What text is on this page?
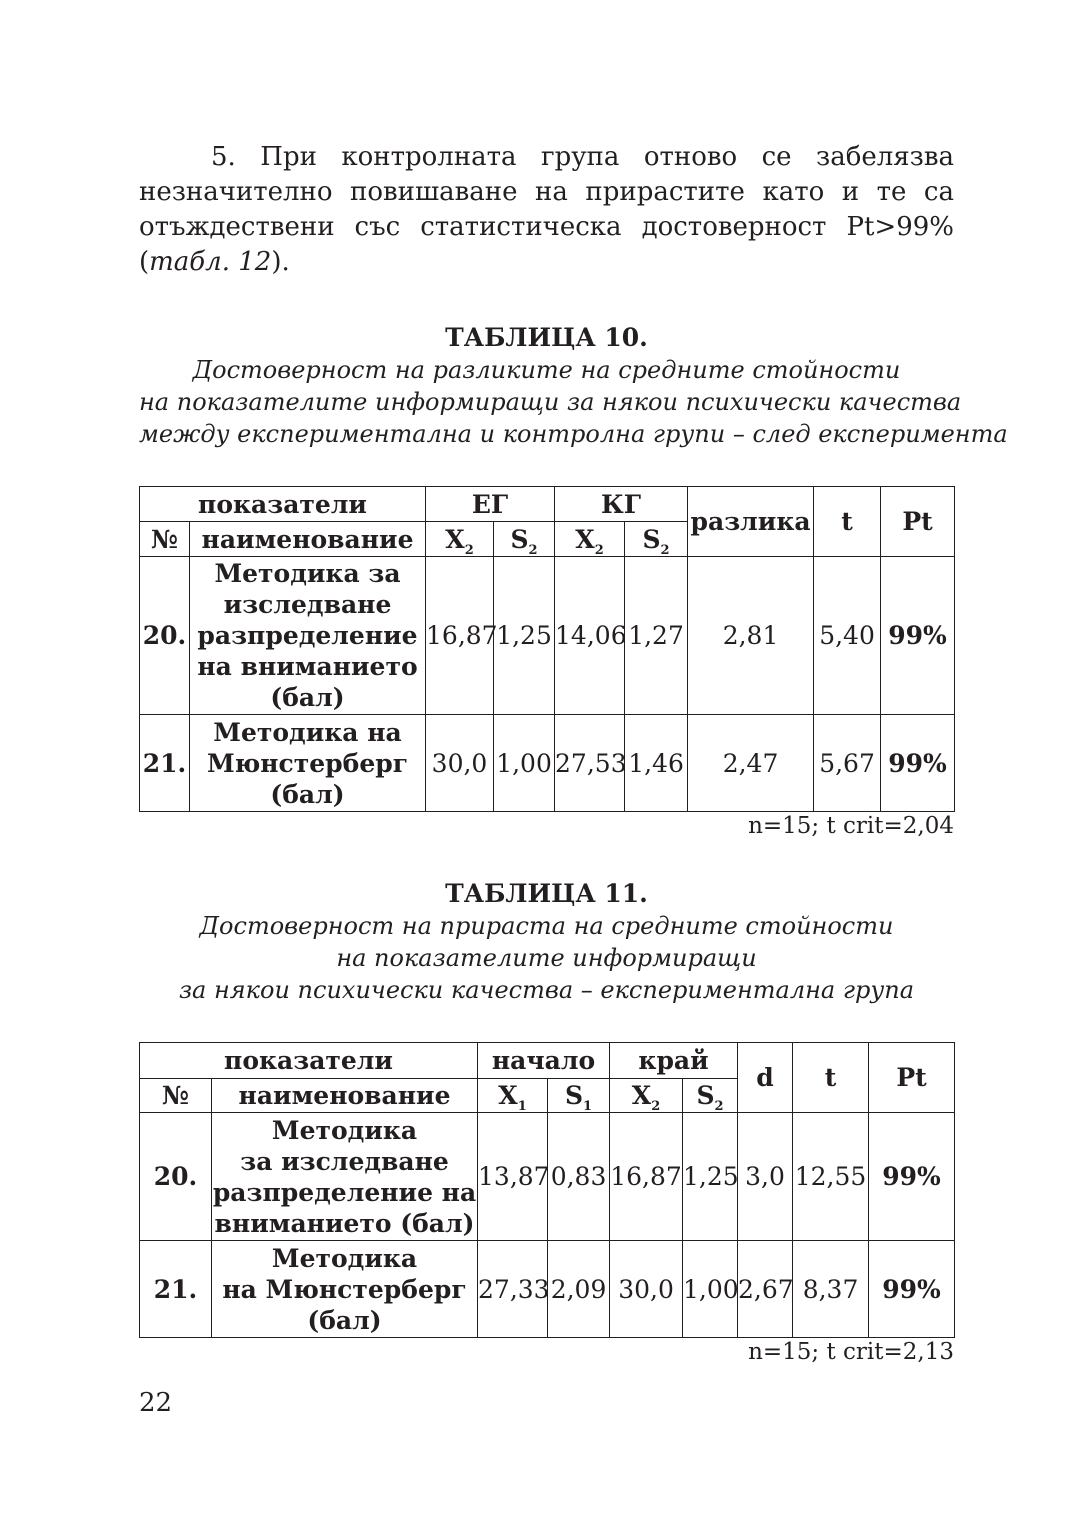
5. При контролната група отново се забелязва незначително повишаване на прирастите като и те са отъждествени със статистическа достоверност Pt>99% (табл. 12).

ТАБЛИЦА 10.
Достоверност на разликите на средните стойности
на показателите информиращи за някои психически качества
между експериментална и контролна групи – след експеримента
показатели		ЕГ		КГ		разлика	t	Pt
№	наименование	$X_2$	$S_2$	$X_2$	$S_2$
20.	Методика за
изследване
разпределение
на вниманието
(бал)	16,87	1,25	14,06	1,27	2,81	5,40	99%
21.	Методика на
Мюнстерберг
(бал)	30,0	1,00	27,53	1,46	2,47	5,67	99%
n=15; t crit=2,04
ТАБЛИЦА 11.
Достоверност на прираста на средните стойности
на показателите информиращи
за някои психически качества – експериментална група
показатели		начало		край		d	t	Pt
№	наименование	$X_1$	$S_1$	$X_2$	$S_2$
20.	Методика
за изследване
разпределение на
вниманието (бал)	13,87	0,83	16,87	1,25	3,0	12,55	99%
21.	Методика
на Мюнстерберг
(бал)	27,33	2,09	30,0	1,00	2,67	8,37	99%
n=15; t crit=2,13
22
